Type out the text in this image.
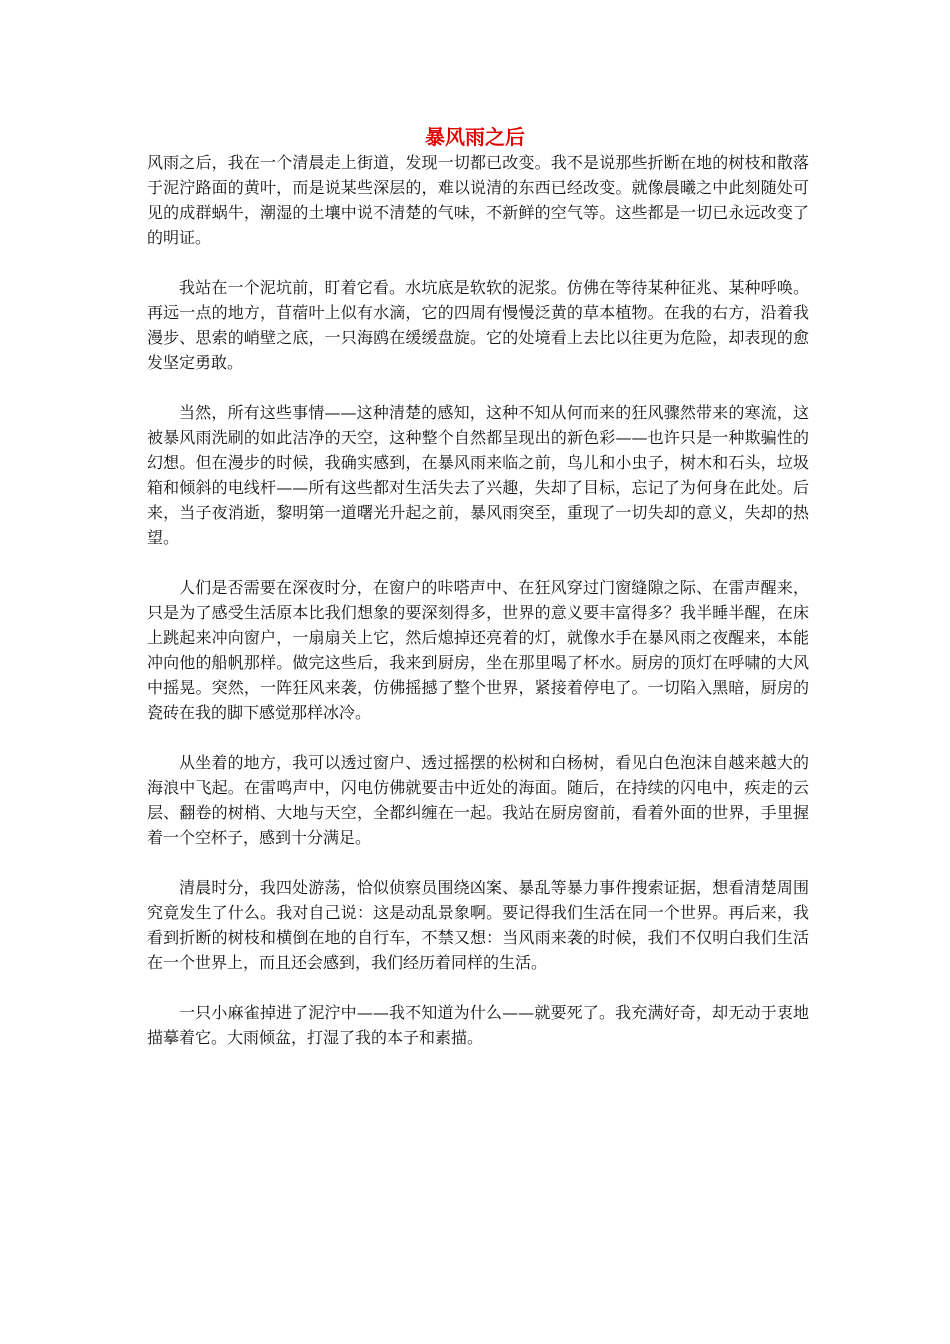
暴风雨之后

风雨之后，我在一个清晨走上街道，发现一切都已改变。我不是说那些折断在地的树枝和散落于泥泞路面的黄叶，而是说某些深层的，难以说清的东西已经改变。就像晨曦之中此刻随处可见的成群蜗牛，潮湿的土壤中说不清楚的气味，不新鲜的空气等。这些都是一切已永远改变了的明证。

我站在一个泥坑前，盯着它看。水坑底是软软的泥浆。仿佛在等待某种征兆、某种呼唤。再远一点的地方，苜蓿叶上似有水滴，它的四周有慢慢泛黄的草本植物。在我的右方，沿着我漫步、思索的峭壁之底，一只海鸥在缓缓盘旋。它的处境看上去比以往更为危险，却表现的愈发坚定勇敢。

当然，所有这些事情——这种清楚的感知，这种不知从何而来的狂风骤然带来的寒流，这被暴风雨洗刷的如此洁净的天空，这种整个自然都呈现出的新色彩——也许只是一种欺骗性的幻想。但在漫步的时候，我确实感到，在暴风雨来临之前，鸟儿和小虫子，树木和石头，垃圾箱和倾斜的电线杆——所有这些都对生活失去了兴趣，失却了目标，忘记了为何身在此处。后来，当子夜消逝，黎明第一道曙光升起之前，暴风雨突至，重现了一切失却的意义，失却的热望。

人们是否需要在深夜时分，在窗户的咔嗒声中、在狂风穿过门窗缝隙之际、在雷声醒来，只是为了感受生活原本比我们想象的要深刻得多，世界的意义要丰富得多？我半睡半醒，在床上跳起来冲向窗户，一扇扇关上它，然后熄掉还亮着的灯，就像水手在暴风雨之夜醒来，本能冲向他的船帆那样。做完这些后，我来到厨房，坐在那里喝了杯水。厨房的顶灯在呼啸的大风中摇晃。突然，一阵狂风来袭，仿佛摇撼了整个世界，紧接着停电了。一切陷入黑暗，厨房的瓷砖在我的脚下感觉那样冰冷。

从坐着的地方，我可以透过窗户、透过摇摆的松树和白杨树，看见白色泡沫自越来越大的海浪中飞起。在雷鸣声中，闪电仿佛就要击中近处的海面。随后，在持续的闪电中，疾走的云层、翻卷的树梢、大地与天空，全都纠缠在一起。我站在厨房窗前，看着外面的世界，手里握着一个空杯子，感到十分满足。

清晨时分，我四处游荡，恰似侦察员围绕凶案、暴乱等暴力事件搜索证据，想看清楚周围究竟发生了什么。我对自己说：这是动乱景象啊。要记得我们生活在同一个世界。再后来，我看到折断的树枝和横倒在地的自行车，不禁又想：当风雨来袭的时候，我们不仅明白我们生活在一个世界上，而且还会感到，我们经历着同样的生活。

一只小麻雀掉进了泥泞中——我不知道为什么——就要死了。我充满好奇，却无动于衷地描摹着它。大雨倾盆，打湿了我的本子和素描。
